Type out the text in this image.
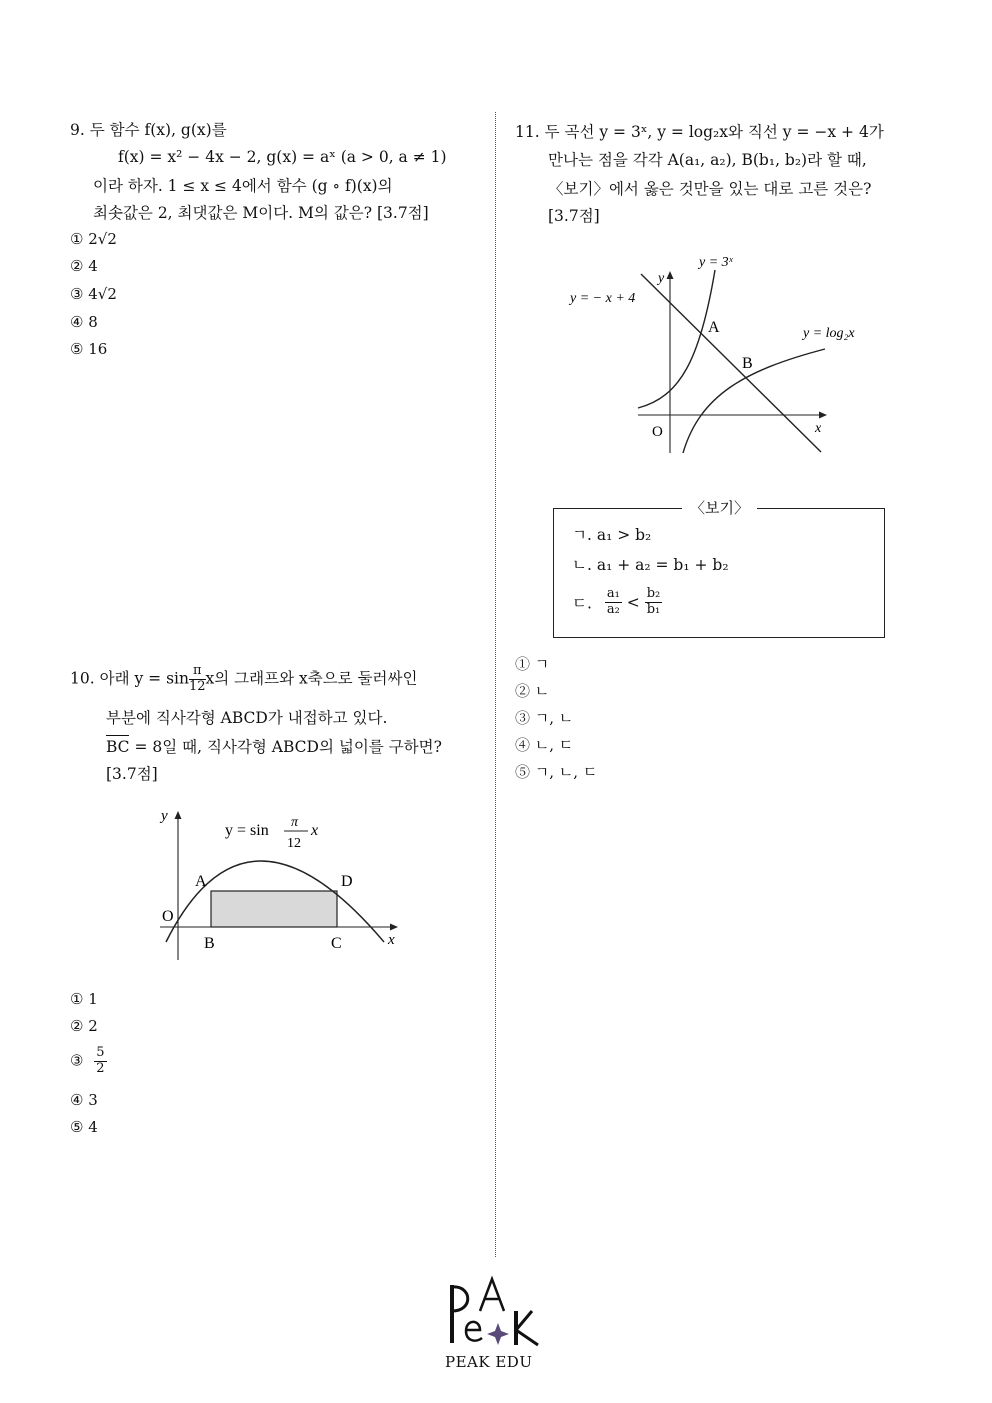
9. 두 함수 f(x), g(x)를
f(x) = x² − 4x − 2, g(x) = aˣ (a > 0, a ≠ 1)
이라 하자. 1 ≤ x ≤ 4에서 함수 (g ∘ f)(x)의
최솟값은 2, 최댓값은 M이다. M의 값은? [3.7점]
① 2√2
② 4
③ 4√2
④ 8
⑤ 16
10. 아래 $y = \sin \frac{\pi}{12}$ x의 그래프와 x축으로 둘러싸인
부분에 직사각형 ABCD가 내접하고 있다.
BC = 8일 때, 직사각형 ABCD의 넓이를 구하면?
[3.7점]
y
x
O
A
B	C
D
y = sin π
12
x
① 1
② 2
③ $\frac{5}{2}$
④ 3
⑤ 4
11. 두 곡선 y = 3ˣ, y = log₂x와 직선 y = −x + 4가
만나는 점을 각각 A(a₁, a₂), B(b₁, b₂)라 할 때,
〈보기〉에서 옳은 것만을 있는 대로 고른 것은?
[3.7점]
y
x
O
A
B
y = 3ˣ
y = − x + 4
y = log₂x
ㄱ. a₁ > b₂
ㄴ. a₁ + a₂ = b₁ + b₂
ㄷ. $\frac{\text{a₁}}{\text{a₂}} < \frac{\text{b₂}}{\text{b₁}}$
〈보기〉
① ㄱ
② ㄴ
③ ㄱ, ㄴ
④ ㄴ, ㄷ
⑤ ㄱ, ㄴ, ㄷ
PEAK EDU
